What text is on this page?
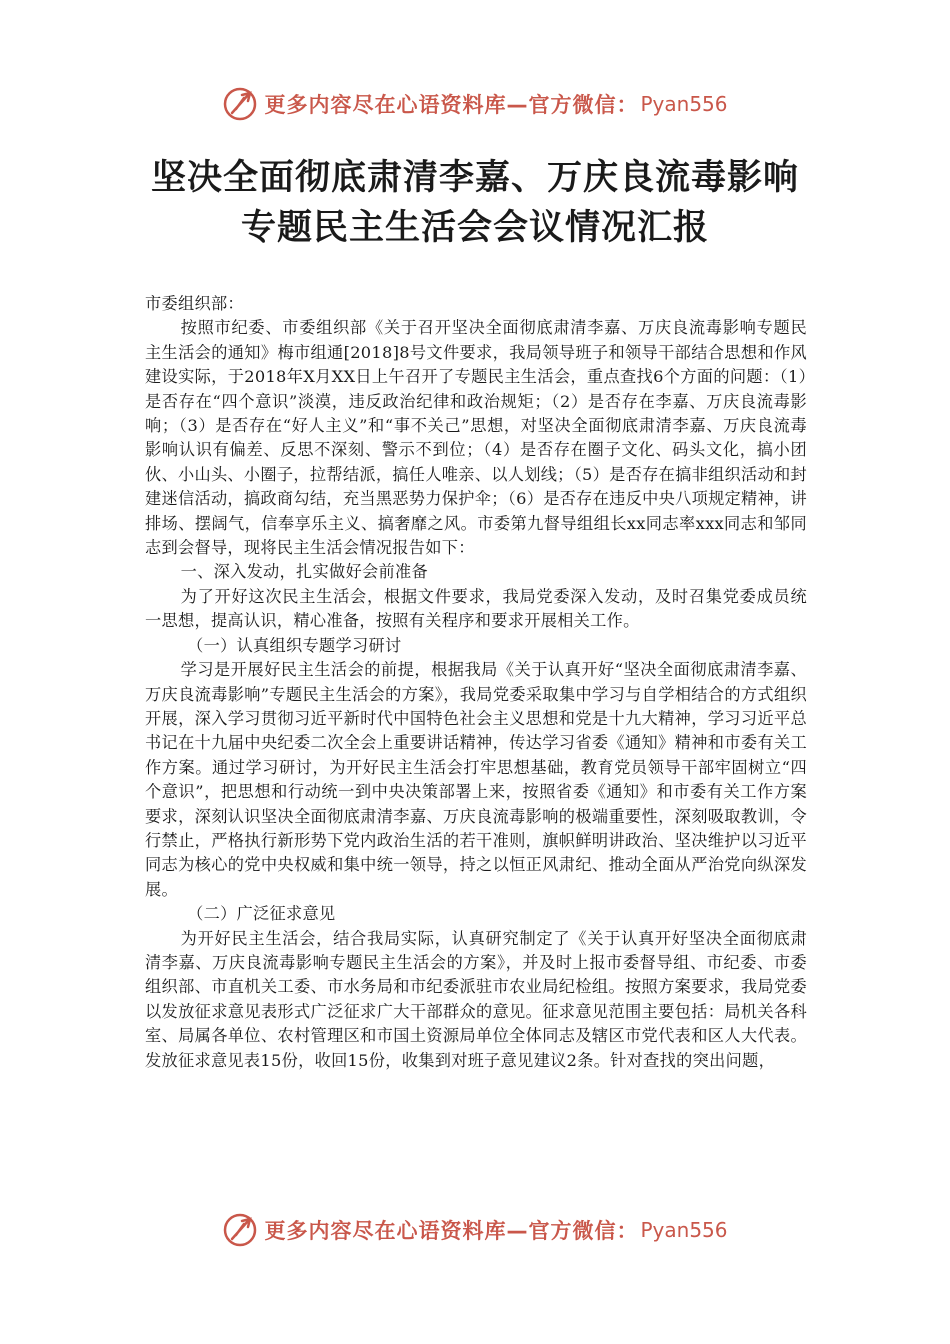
更多内容尽在心语资料库—官方微信： Pyan556
坚决全面彻底肃清李嘉、万庆良流毒影响
专题民主生活会会议情况汇报

市委组织部：

按照市纪委、市委组织部《关于召开坚决全面彻底肃清李嘉、万庆良流毒影响专题民主生活会的通知》梅市组通[2018]8号文件要求，我局领导班子和领导干部结合思想和作风建设实际，于2018年X月XX日上午召开了专题民主生活会，重点查找6个方面的问题：（1）是否存在“四个意识”淡漠，违反政治纪律和政治规矩；（2）是否存在李嘉、万庆良流毒影响；（3）是否存在“好人主义”和“事不关己”思想，对坚决全面彻底肃清李嘉、万庆良流毒影响认识有偏差、反思不深刻、警示不到位；（4）是否存在圈子文化、码头文化，搞小团伙、小山头、小圈子，拉帮结派，搞任人唯亲、以人划线；（5）是否存在搞非组织活动和封建迷信活动，搞政商勾结，充当黑恶势力保护伞；（6）是否存在违反中央八项规定精神，讲排场、摆阔气，信奉享乐主义、搞奢靡之风。市委第九督导组组长xx同志率xxx同志和邹同志到会督导，现将民主生活会情况报告如下：

一、深入发动，扎实做好会前准备

为了开好这次民主生活会，根据文件要求，我局党委深入发动，及时召集党委成员统一思想，提高认识，精心准备，按照有关程序和要求开展相关工作。

（一）认真组织专题学习研讨

学习是开展好民主生活会的前提，根据我局《关于认真开好“坚决全面彻底肃清李嘉、万庆良流毒影响”专题民主生活会的方案》，我局党委采取集中学习与自学相结合的方式组织开展，深入学习贯彻习近平新时代中国特色社会主义思想和党是十九大精神，学习习近平总书记在十九届中央纪委二次全会上重要讲话精神，传达学习省委《通知》精神和市委有关工作方案。通过学习研讨，为开好民主生活会打牢思想基础，教育党员领导干部牢固树立“四个意识”，把思想和行动统一到中央决策部署上来，按照省委《通知》和市委有关工作方案要求，深刻认识坚决全面彻底肃清李嘉、万庆良流毒影响的极端重要性，深刻吸取教训，令行禁止，严格执行新形势下党内政治生活的若干准则，旗帜鲜明讲政治、坚决维护以习近平同志为核心的党中央权威和集中统一领导，持之以恒正风肃纪、推动全面从严治党向纵深发展。

（二）广泛征求意见

为开好民主生活会，结合我局实际，认真研究制定了《关于认真开好坚决全面彻底肃清李嘉、万庆良流毒影响专题民主生活会的方案》，并及时上报市委督导组、市纪委、市委组织部、市直机关工委、市水务局和市纪委派驻市农业局纪检组。按照方案要求，我局党委以发放征求意见表形式广泛征求广大干部群众的意见。征求意见范围主要包括：局机关各科室、局属各单位、农村管理区和市国土资源局单位全体同志及辖区市党代表和区人大代表。发放征求意见表15份，收回15份，收集到对班子意见建议2条。针对查找的突出问题，

更多内容尽在心语资料库—官方微信： Pyan556
